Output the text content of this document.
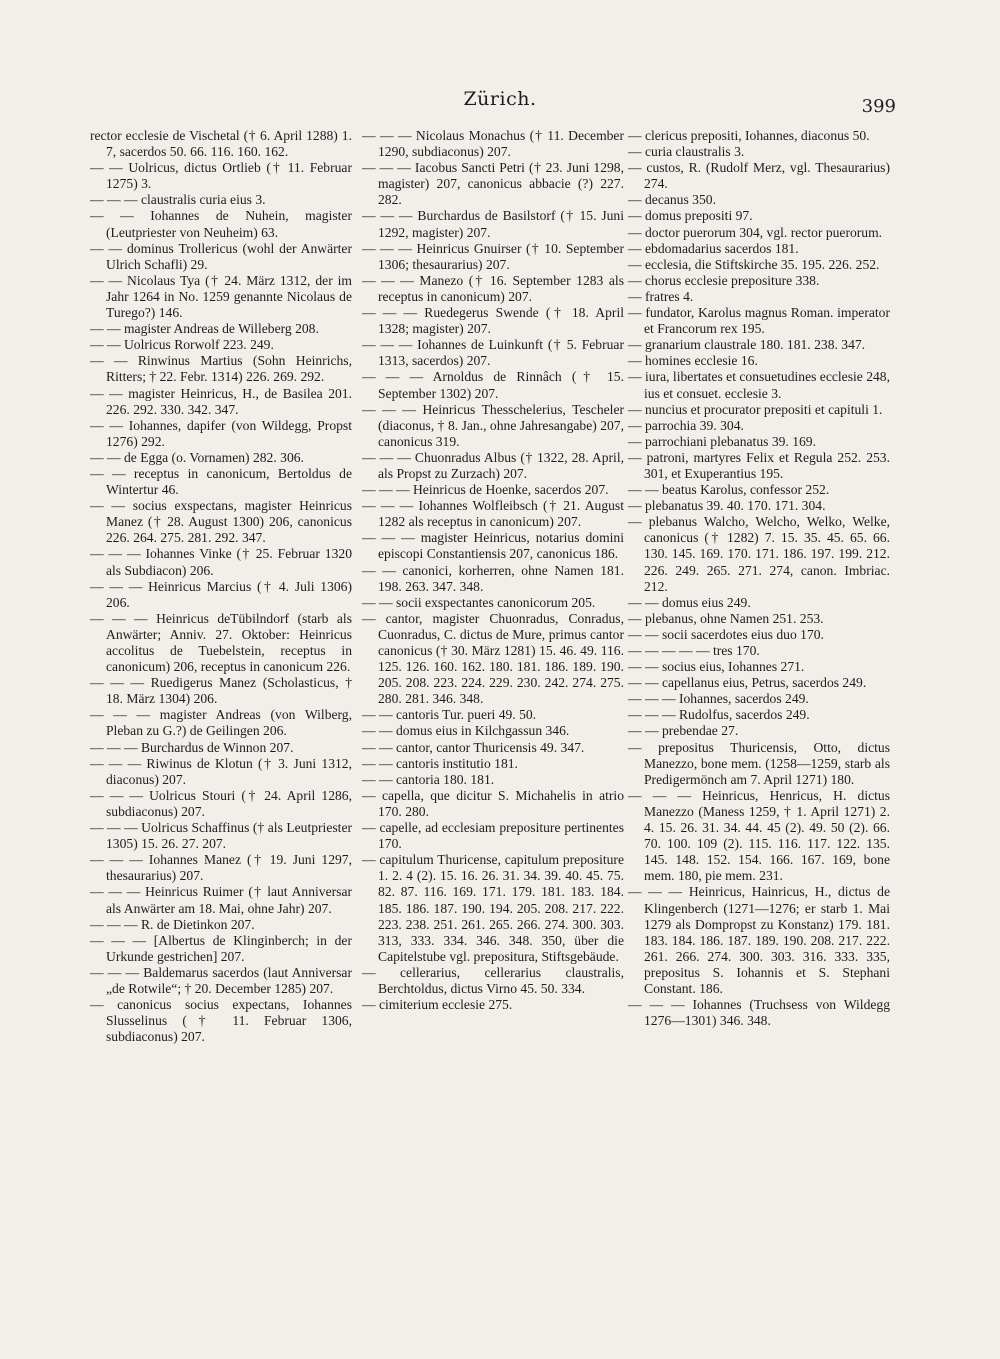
Zürich.	399

rector ecclesie de Vischetal († 6. April 1288) 1. 7, sacerdos 50. 66. 116. 160. 162.

— — Uolricus, dictus Ortlieb († 11. Februar 1275) 3.

— — — claustralis curia eius 3.

— — Iohannes de Nuhein, magister (Leutpriester von Neuheim) 63.

— — dominus Trollericus (wohl der Anwärter Ulrich Schafli) 29.

— — Nicolaus Tya († 24. März 1312, der im Jahr 1264 in No. 1259 genannte Nicolaus de Turego?) 146.

— — magister Andreas de Willeberg 208.

— — Uolricus Rorwolf 223. 249.

— — Rinwinus Martius (Sohn Heinrichs, Ritters; † 22. Febr. 1314) 226. 269. 292.

— — magister Heinricus, H., de Basilea 201. 226. 292. 330. 342. 347.

— — Iohannes, dapifer (von Wildegg, Propst 1276) 292.

— — de Egga (o. Vornamen) 282. 306.

— — receptus in canonicum, Bertoldus de Wintertur 46.

— — socius exspectans, magister Heinricus Manez († 28. August 1300) 206, canonicus 226. 264. 275. 281. 292. 347.

— — — Iohannes Vinke († 25. Februar 1320 als Subdiacon) 206.

— — — Heinricus Marcius († 4. Juli 1306) 206.

— — — Heinricus deTübilndorf (starb als Anwärter; Anniv. 27. Oktober: Heinricus accolitus de Tuebelstein, receptus in canonicum) 206, receptus in canonicum 226.

— — — Ruedigerus Manez (Scholasticus, † 18. März 1304) 206.

— — — magister Andreas (von Wilberg, Pleban zu G.?) de Geilingen 206.

— — — Burchardus de Winnon 207.

— — — Riwinus de Klotun († 3. Juni 1312, diaconus) 207.

— — — Uolricus Stouri († 24. April 1286, subdiaconus) 207.

— — — Uolricus Schaffinus († als Leutpriester 1305) 15. 26. 27. 207.

— — — Iohannes Manez († 19. Juni 1297, thesaurarius) 207.

— — — Heinricus Ruimer († laut Anniversar als Anwärter am 18. Mai, ohne Jahr) 207.

— — — R. de Dietinkon 207.

— — — [Albertus de Klinginberch; in der Urkunde gestrichen] 207.

— — — Baldemarus sacerdos (laut Anniversar „de Rotwile“; † 20. December 1285) 207.

— canonicus socius expectans, Iohannes Slusselinus († 11. Februar 1306, subdiaconus) 207.

— — — Nicolaus Monachus († 11. December 1290, subdiaconus) 207.

— — — Iacobus Sancti Petri († 23. Juni 1298, magister) 207, canonicus abbacie (?) 227. 282.

— — — Burchardus de Basilstorf († 15. Juni 1292, magister) 207.

— — — Heinricus Gnuirser († 10. September 1306; thesaurarius) 207.

— — — Manezo († 16. September 1283 als receptus in canonicum) 207.

— — — Ruedegerus Swende († 18. April 1328; magister) 207.

— — — Iohannes de Luinkunft († 5. Februar 1313, sacerdos) 207.

— — — Arnoldus de Rinnâch († 15. September 1302) 207.

— — — Heinricus Thesschelerius, Tescheler (diaconus, † 8. Jan., ohne Jahresangabe) 207, canonicus 319.

— — — Chuonradus Albus († 1322, 28. April, als Propst zu Zurzach) 207.

— — — Heinricus de Hoenke, sacerdos 207.

— — — Iohannes Wolfleibsch († 21. August 1282 als receptus in canonicum) 207.

— — — magister Heinricus, notarius domini episcopi Constantiensis 207, canonicus 186.

— — canonici, korherren, ohne Namen 181. 198. 263. 347. 348.

— — socii exspectantes canonicorum 205.

— cantor, magister Chuonradus, Conradus, Cuonradus, C. dictus de Mure, primus cantor canonicus († 30. März 1281) 15. 46. 49. 116. 125. 126. 160. 162. 180. 181. 186. 189. 190. 205. 208. 223. 224. 229. 230. 242. 274. 275. 280. 281. 346. 348.

— — cantoris Tur. pueri 49. 50.

— — domus eius in Kilchgassun 346.

— — cantor, cantor Thuricensis 49. 347.

— — cantoris institutio 181.

— — cantoria 180. 181.

— capella, que dicitur S. Michahelis in atrio 170. 280.

— capelle, ad ecclesiam prepositure pertinentes 170.

— capitulum Thuricense, capitulum prepositure 1. 2. 4 (2). 15. 16. 26. 31. 34. 39. 40. 45. 75. 82. 87. 116. 169. 171. 179. 181. 183. 184. 185. 186. 187. 190. 194. 205. 208. 217. 222. 223. 238. 251. 261. 265. 266. 274. 300. 303. 313, 333. 334. 346. 348. 350, über die Capitelstube vgl. prepositura, Stiftsgebäude.

— cellerarius, cellerarius claustralis, Berchtoldus, dictus Virno 45. 50. 334.

— cimiterium ecclesie 275.

— clericus prepositi, Iohannes, diaconus 50.

— curia claustralis 3.

— custos, R. (Rudolf Merz, vgl. Thesaurarius) 274.

— decanus 350.

— domus prepositi 97.

— doctor puerorum 304, vgl. rector puerorum.

— ebdomadarius sacerdos 181.

— ecclesia, die Stiftskirche 35. 195. 226. 252.

— chorus ecclesie prepositure 338.

— fratres 4.

— fundator, Karolus magnus Roman. imperator et Francorum rex 195.

— granarium claustrale 180. 181. 238. 347.

— homines ecclesie 16.

— iura, libertates et consuetudines ecclesie 248, ius et consuet. ecclesie 3.

— nuncius et procurator prepositi et capituli 1.

— parrochia 39. 304.

— parrochiani plebanatus 39. 169.

— patroni, martyres Felix et Regula 252. 253. 301, et Exuperantius 195.

— — beatus Karolus, confessor 252.

— plebanatus 39. 40. 170. 171. 304.

— plebanus Walcho, Welcho, Welko, Welke, canonicus († 1282) 7. 15. 35. 45. 65. 66. 130. 145. 169. 170. 171. 186. 197. 199. 212. 226. 249. 265. 271. 274, canon. Imbriac. 212.

— — domus eius 249.

— plebanus, ohne Namen 251. 253.

— — socii sacerdotes eius duo 170.

— — — — — tres 170.

— — socius eius, Iohannes 271.

— — capellanus eius, Petrus, sacerdos 249.

— — — Iohannes, sacerdos 249.

— — — Rudolfus, sacerdos 249.

— — prebendae 27.

— prepositus Thuricensis, Otto, dictus Manezzo, bone mem. (1258—1259, starb als Predigermönch am 7. April 1271) 180.

— — — Heinricus, Henricus, H. dictus Manezzo (Maness 1259, † 1. April 1271) 2. 4. 15. 26. 31. 34. 44. 45 (2). 49. 50 (2). 66. 70. 100. 109 (2). 115. 116. 117. 122. 135. 145. 148. 152. 154. 166. 167. 169, bone mem. 180, pie mem. 231.

— — — Heinricus, Hainricus, H., dictus de Klingenberch (1271—1276; er starb 1. Mai 1279 als Dompropst zu Konstanz) 179. 181. 183. 184. 186. 187. 189. 190. 208. 217. 222. 261. 266. 274. 300. 303. 316. 333. 335, prepositus S. Iohannis et S. Stephani Constant. 186.

— — — Iohannes (Truchsess von Wildegg 1276—1301) 346. 348.
